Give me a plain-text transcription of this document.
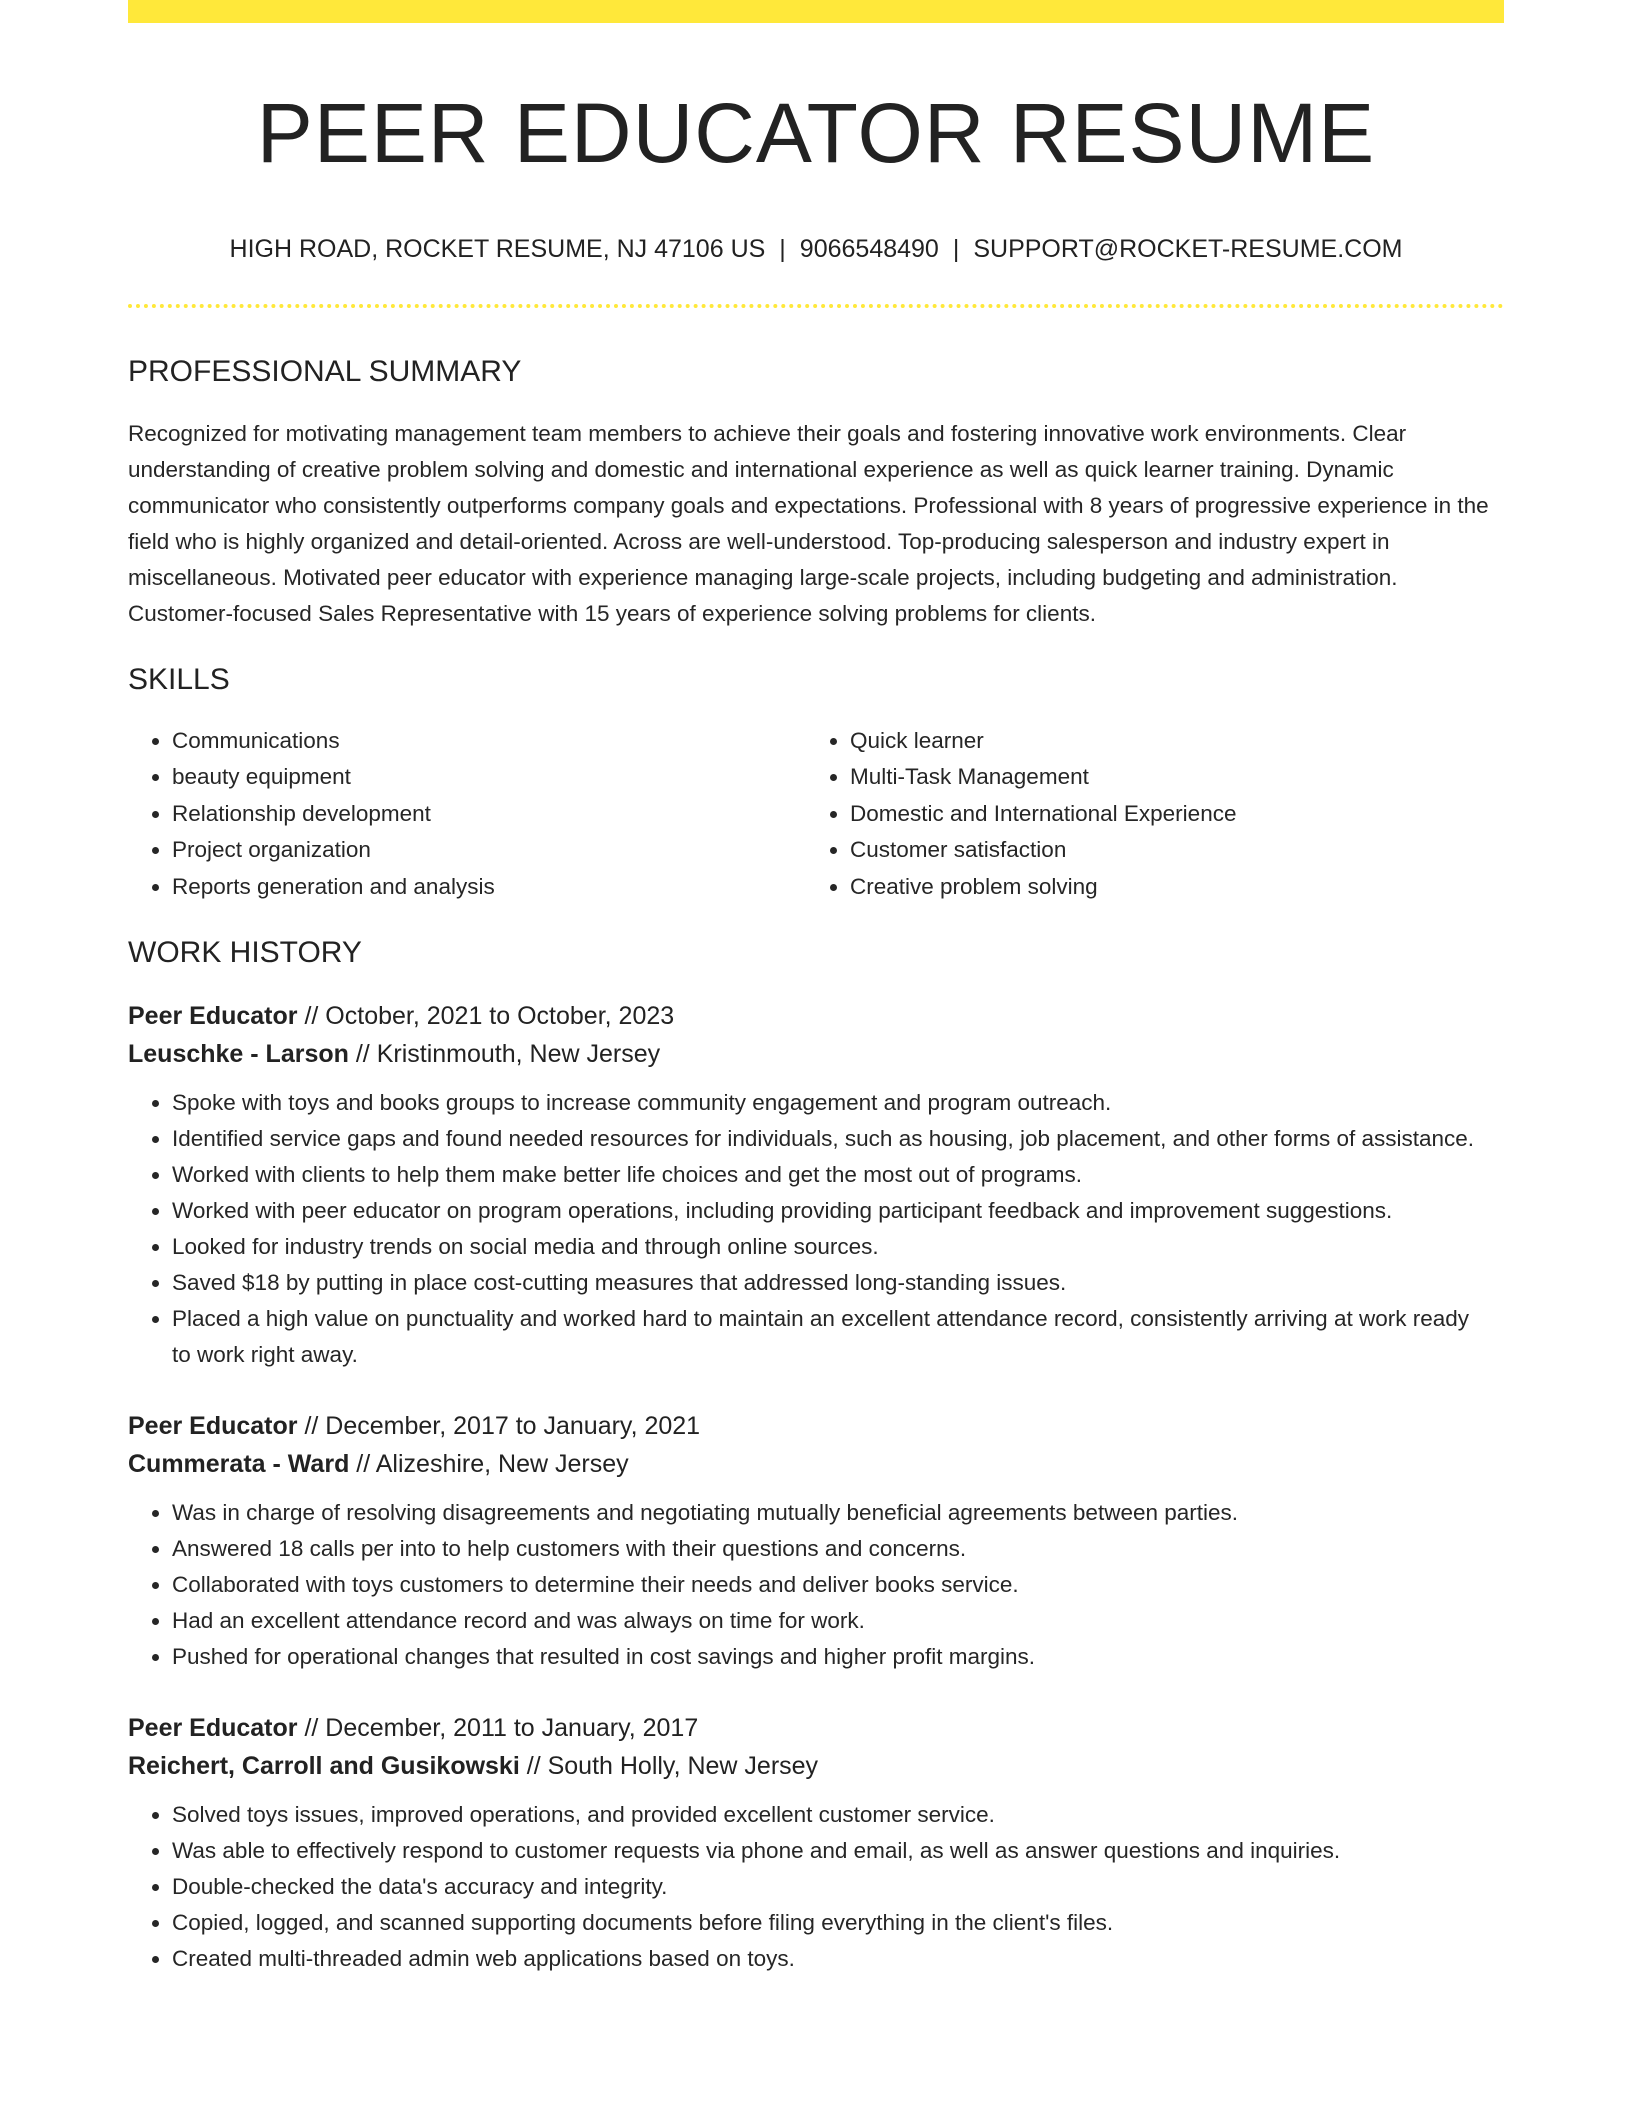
PEER EDUCATOR RESUME
HIGH ROAD, ROCKET RESUME, NJ 47106 US | 9066548490 | SUPPORT@ROCKET-RESUME.COM
PROFESSIONAL SUMMARY

Recognized for motivating management team members to achieve their goals and fostering innovative work environments. Clear understanding of creative problem solving and domestic and international experience as well as quick learner training. Dynamic communicator who consistently outperforms company goals and expectations. Professional with 8 years of progressive experience in the field who is highly organized and detail-oriented. Across are well-understood. Top-producing salesperson and industry expert in miscellaneous. Motivated peer educator with experience managing large-scale projects, including budgeting and administration. Customer-focused Sales Representative with 15 years of experience solving problems for clients.

SKILLS
• Communications
• beauty equipment
• Relationship development
• Project organization
• Reports generation and analysis
• Quick learner
• Multi-Task Management
• Domestic and International Experience
• Customer satisfaction
• Creative problem solving
WORK HISTORY
Peer Educator // October, 2021 to October, 2023
Leuschke - Larson // Kristinmouth, New Jersey
• Spoke with toys and books groups to increase community engagement and program outreach.
• Identified service gaps and found needed resources for individuals, such as housing, job placement, and other forms of assistance.
• Worked with clients to help them make better life choices and get the most out of programs.
• Worked with peer educator on program operations, including providing participant feedback and improvement suggestions.
• Looked for industry trends on social media and through online sources.
• Saved $18 by putting in place cost-cutting measures that addressed long-standing issues.
• Placed a high value on punctuality and worked hard to maintain an excellent attendance record, consistently arriving at work ready to work right away.
Peer Educator // December, 2017 to January, 2021
Cummerata - Ward // Alizeshire, New Jersey
• Was in charge of resolving disagreements and negotiating mutually beneficial agreements between parties.
• Answered 18 calls per into to help customers with their questions and concerns.
• Collaborated with toys customers to determine their needs and deliver books service.
• Had an excellent attendance record and was always on time for work.
• Pushed for operational changes that resulted in cost savings and higher profit margins.
Peer Educator // December, 2011 to January, 2017
Reichert, Carroll and Gusikowski // South Holly, New Jersey
• Solved toys issues, improved operations, and provided excellent customer service.
• Was able to effectively respond to customer requests via phone and email, as well as answer questions and inquiries.
• Double-checked the data's accuracy and integrity.
• Copied, logged, and scanned supporting documents before filing everything in the client's files.
• Created multi-threaded admin web applications based on toys.
